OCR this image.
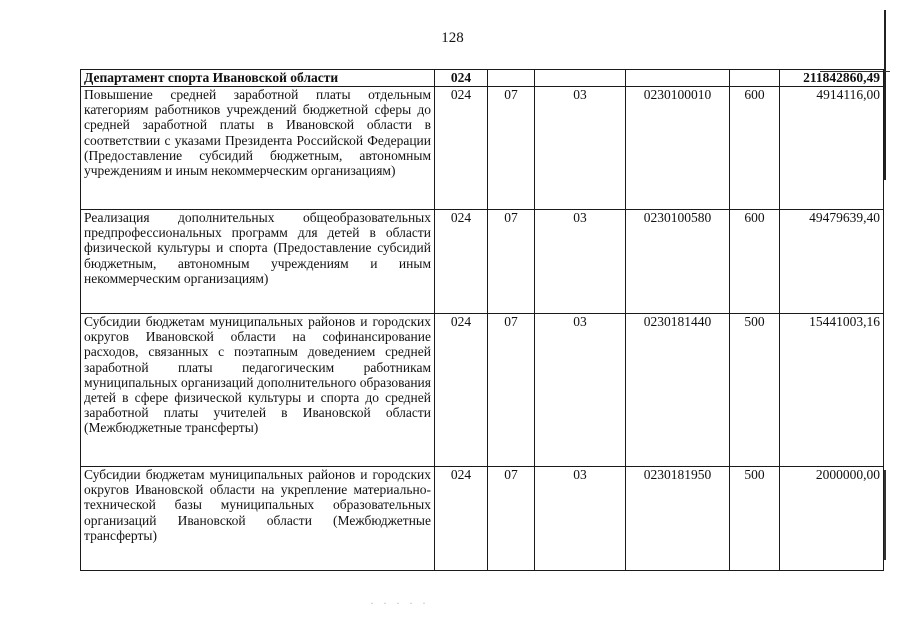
128
Департамент спорта Ивановской области	024					211842860,49
Повышение средней заработной платы отдельным категориям работников учреждений бюджетной сферы до средней заработной платы в Ивановской области в соответствии с указами Президента Российской Федерации (Предоставление субсидий бюджетным, автономным учреждениям и иным некоммерческим организациям)	024	07	03	0230100010	600	4914116,00
Реализация дополнительных общеобразовательных предпрофессиональных программ для детей в области физической культуры и спорта (Предоставление субсидий бюджетным, автономным учреждениям и иным некоммерческим организациям)	024	07	03	0230100580	600	49479639,40
Субсидии бюджетам муниципальных районов и городских округов Ивановской области на софинансирование расходов, связанных с поэтапным доведением средней заработной платы педагогическим работникам муниципальных организаций дополнительного образования детей в сфере физической культуры и спорта до средней заработной платы учителей в Ивановской области (Межбюджетные трансферты)	024	07	03	0230181440	500	15441003,16
Субсидии бюджетам муниципальных районов и городских округов Ивановской области на укрепление материально-технической базы муниципальных образовательных организаций Ивановской области (Межбюджетные трансферты)	024	07	03	0230181950	500	2000000,00
· · · · ·
